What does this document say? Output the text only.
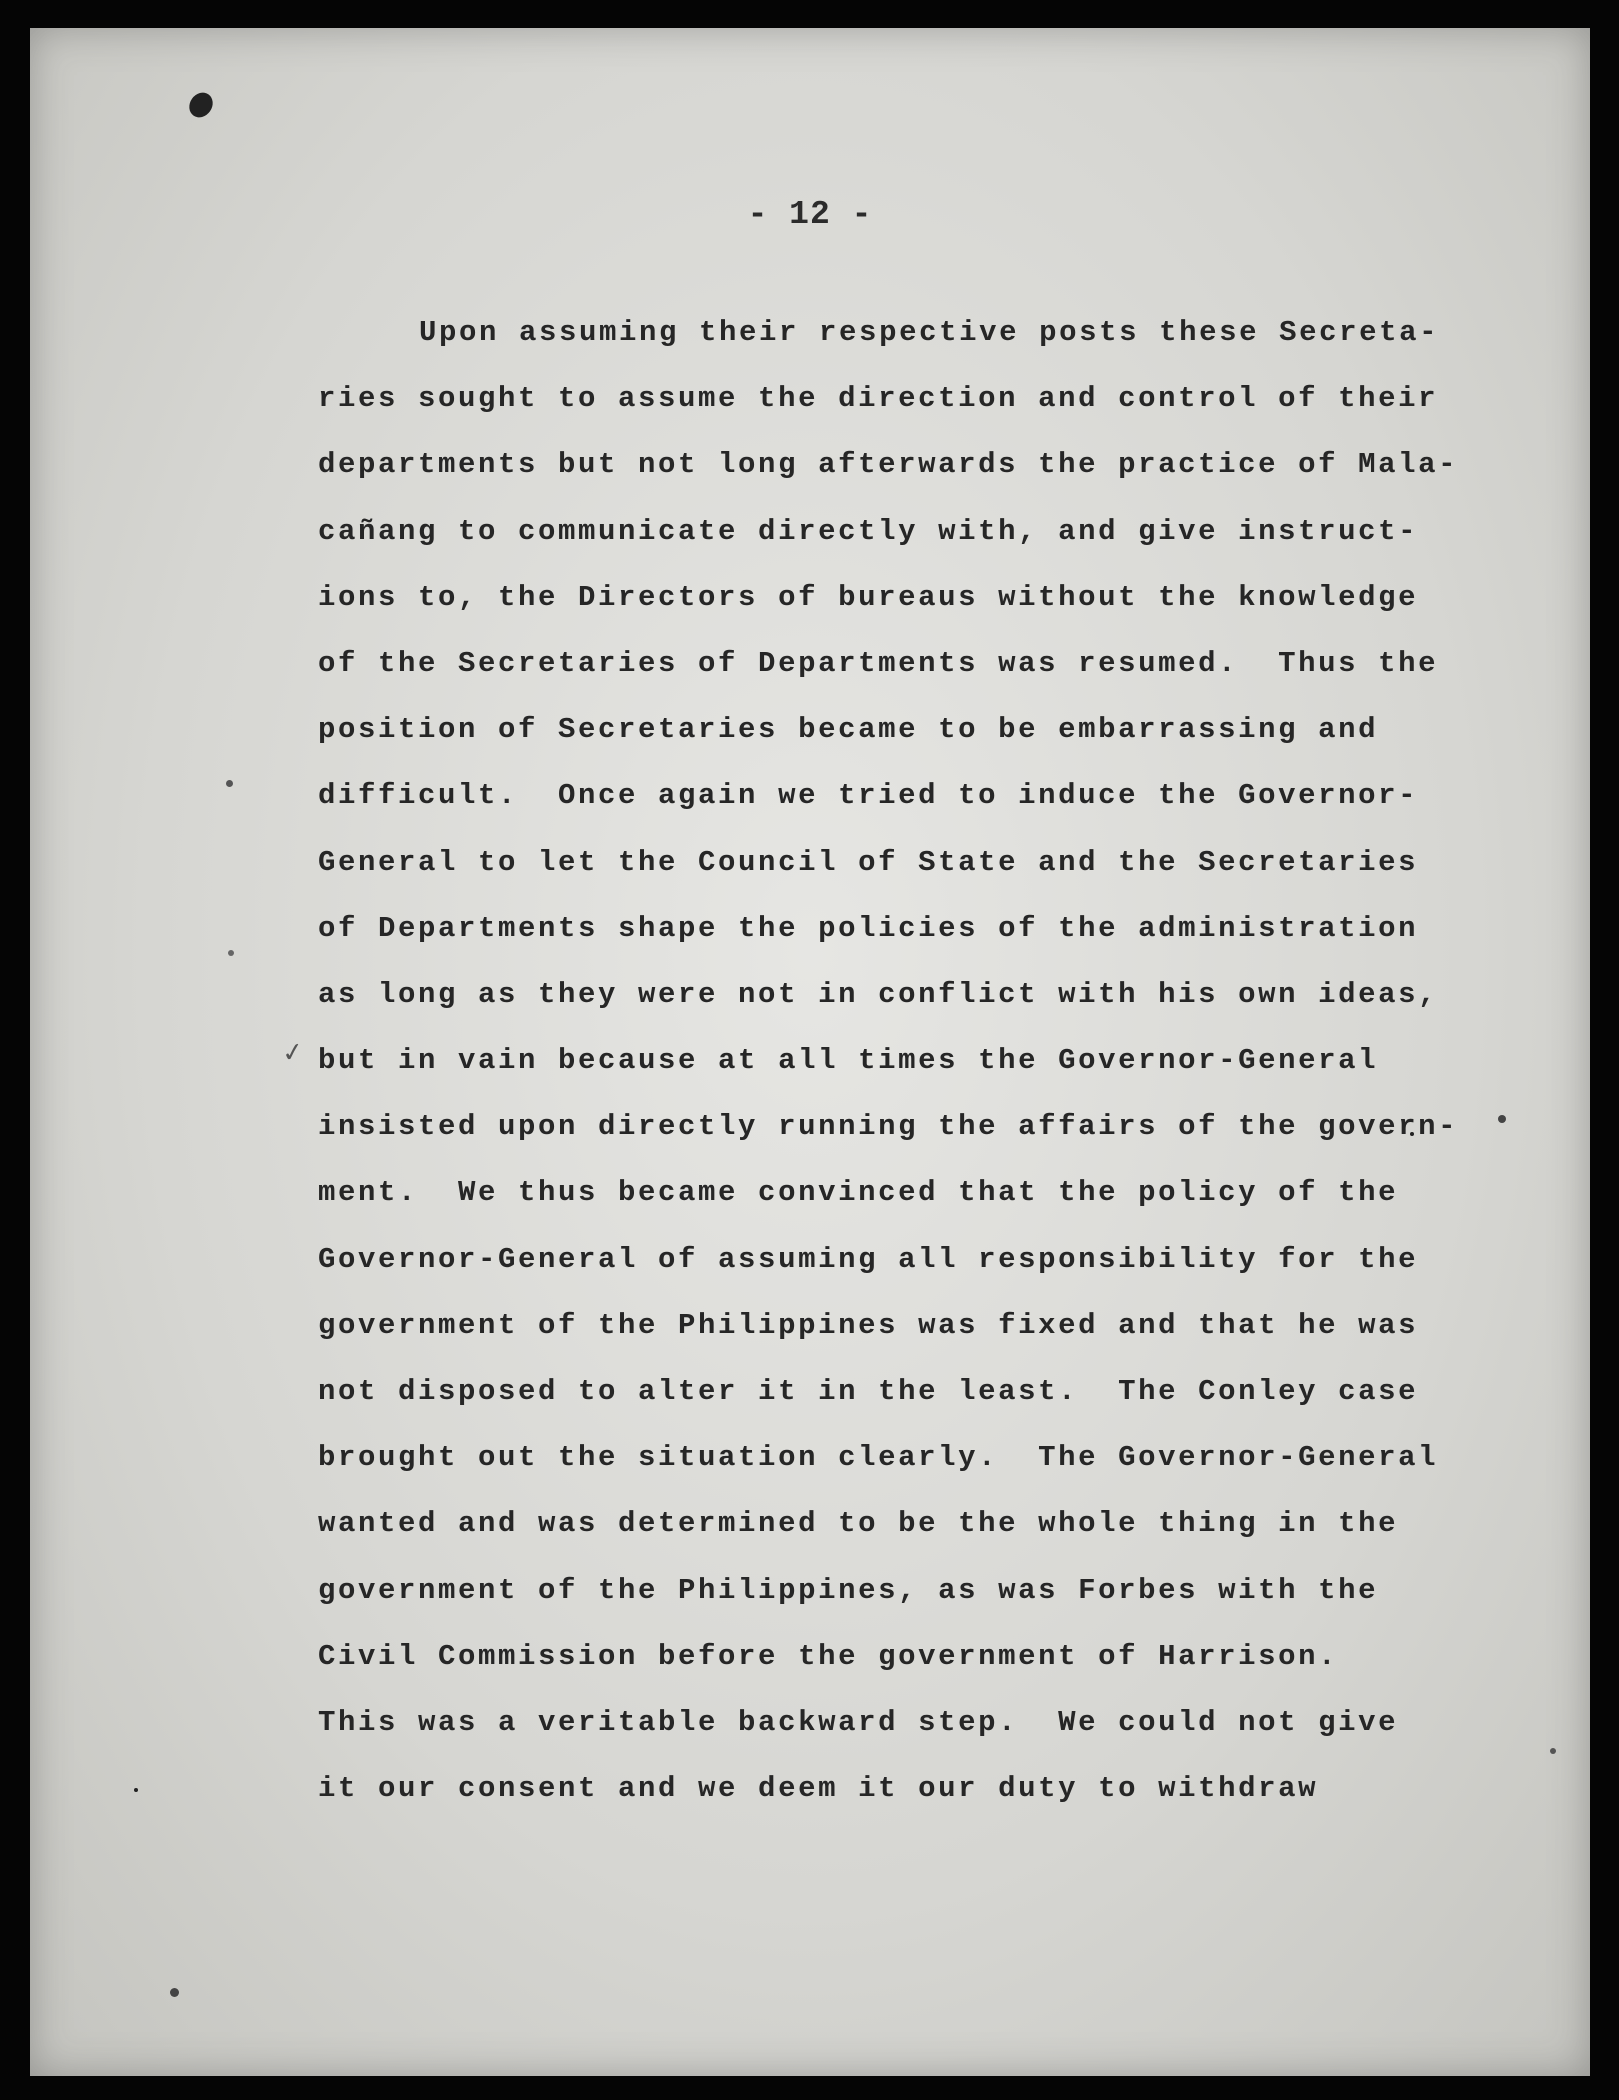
- 12 -
✓
Upon assuming their respective posts these Secreta-
ries sought to assume the direction and control of their
departments but not long afterwards the practice of Mala-
cañang to communicate directly with, and give instruct-
ions to, the Directors of bureaus without the knowledge
of the Secretaries of Departments was resumed.  Thus the
position of Secretaries became to be embarrassing and
difficult.  Once again we tried to induce the Governor-
General to let the Council of State and the Secretaries
of Departments shape the policies of the administration
as long as they were not in conflict with his own ideas,
but in vain because at all times the Governor-General
insisted upon directly running the affairs of the govern-
ment.  We thus became convinced that the policy of the
Governor-General of assuming all responsibility for the
government of the Philippines was fixed and that he was
not disposed to alter it in the least.  The Conley case
brought out the situation clearly.  The Governor-General
wanted and was determined to be the whole thing in the
government of the Philippines, as was Forbes with the
Civil Commission before the government of Harrison.
This was a veritable backward step.  We could not give
it our consent and we deem it our duty to withdraw
